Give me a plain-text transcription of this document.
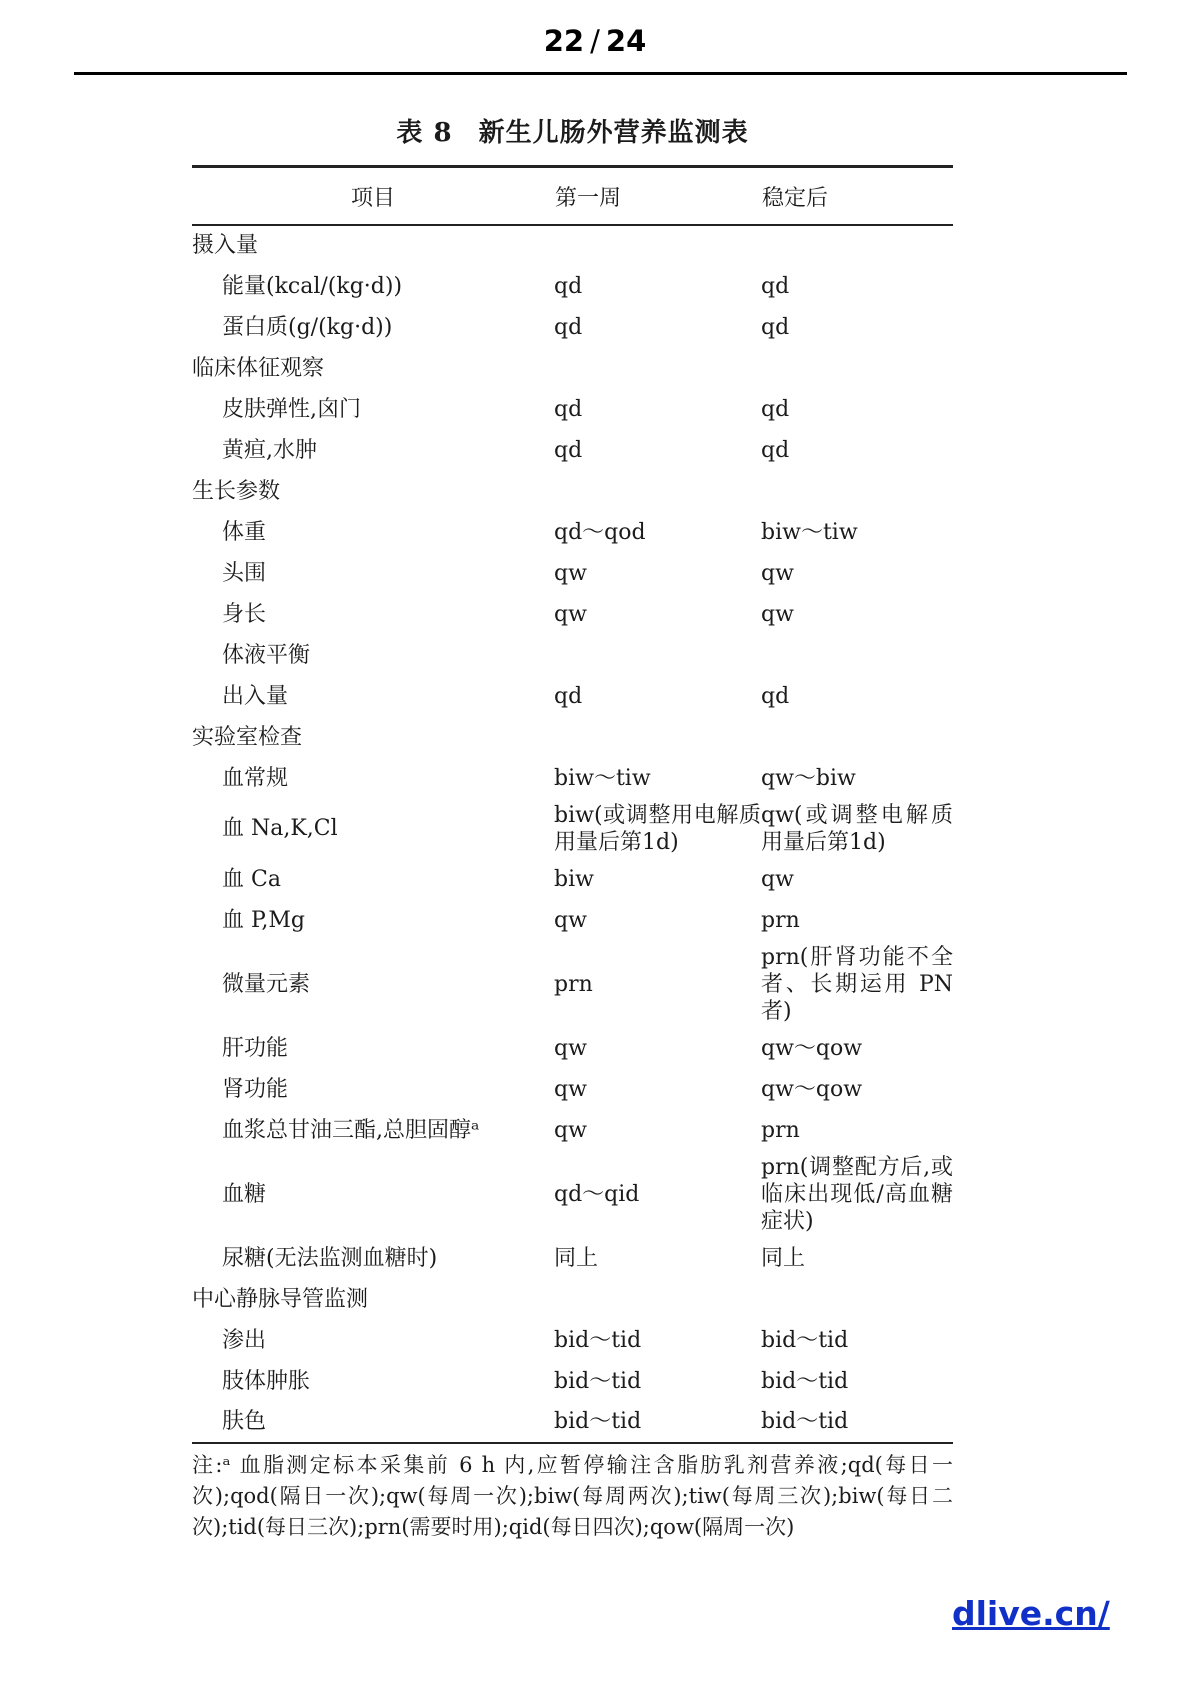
22 / 24
表 8 新生儿肠外营养监测表
项目	第一周	稳定后
摄入量		
能量(kcal/(kg·d))	qd	qd
蛋白质(g/(kg·d))	qd	qd
临床体征观察		
皮肤弹性,囟门	qd	qd
黄疸,水肿	qd	qd
生长参数		
体重	qd～qod	biw～tiw
头围	qw	qw
身长	qw	qw
体液平衡		
出入量	qd	qd
实验室检查		
血常规	biw～tiw	qw～biw
血 Na,K,Cl	biw(或调整用电解质用量后第1d)	qw(或调整电解质用量后第1d)
血 Ca	biw	qw
血 P,Mg	qw	prn
微量元素	prn	prn(肝肾功能不全者、长期运用 PN 者)
肝功能	qw	qw～qow
肾功能	qw	qw～qow
血浆总甘油三酯,总胆固醇ᵃ	qw	prn
血糖	qd～qid	prn(调整配方后,或临床出现低/高血糖症状)
尿糖(无法监测血糖时)	同上	同上
中心静脉导管监测		
渗出	bid～tid	bid～tid
肢体肿胀	bid～tid	bid～tid
肤色	bid～tid	bid～tid
注:ᵃ 血脂测定标本采集前 6 h 内,应暂停输注含脂肪乳剂营养液;qd(每日一次);qod(隔日一次);qw(每周一次);biw(每周两次);tiw(每周三次);biw(每日二次);tid(每日三次);prn(需要时用);qid(每日四次);qow(隔周一次)
dlive.cn/
